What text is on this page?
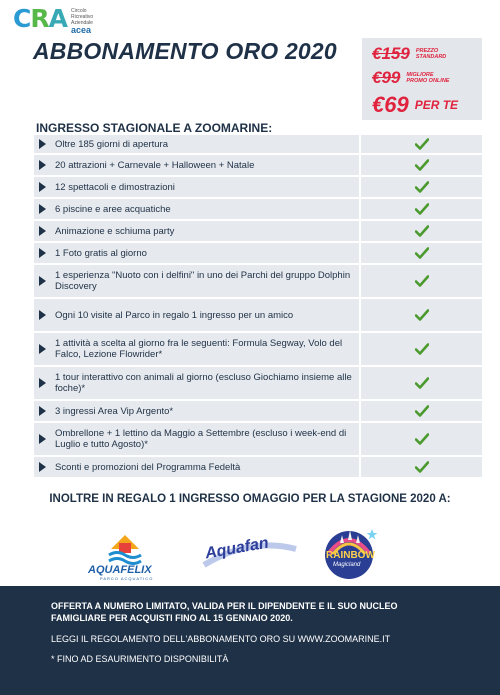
CRA Circolo
Ricreativo
Aziendale
acea
ABBONAMENTO ORO 2020 €159 PREZZO
STANDARD
€99 MIGLIORE
PROMO ONLINE
€69 PER TE
INGRESSO STAGIONALE A ZOOMARINE:
Oltre 185 giorni di apertura
20 attrazioni + Carnevale + Halloween + Natale
12 spettacoli e dimostrazioni
6 piscine e aree acquatiche
Animazione e schiuma party
1 Foto gratis al giorno
1 esperienza "Nuoto con i delfini" in uno dei Parchi del gruppo Dolphin Discovery
Ogni 10 visite al Parco in regalo 1 ingresso per un amico
1 attività a scelta al giorno fra le seguenti: Formula Segway, Volo del Falco, Lezione Flowrider*
1 tour interattivo con animali al giorno (escluso Giochiamo insieme alle foche)*
3 ingressi Area Vip Argento*
Ombrellone + 1 lettino da Maggio a Settembre (escluso i week-end di Luglio e tutto Agosto)*
Sconti e promozioni del Programma Fedeltà
INOLTRE IN REGALO 1 INGRESSO OMAGGIO PER LA STAGIONE 2020 A:
AQUAFELIX
PARCO ACQUATICO
Aquafan	RAINBOW
Magicland
OFFERTA A NUMERO LIMITATO, VALIDA PER IL DIPENDENTE E IL SUO NUCLEO
FAMIGLIARE PER ACQUISTI FINO AL 15 GENNAIO 2020.
LEGGI IL REGOLAMENTO DELL'ABBONAMENTO ORO SU WWW.ZOOMARINE.IT
* FINO AD ESAURIMENTO DISPONIBILITÀ
